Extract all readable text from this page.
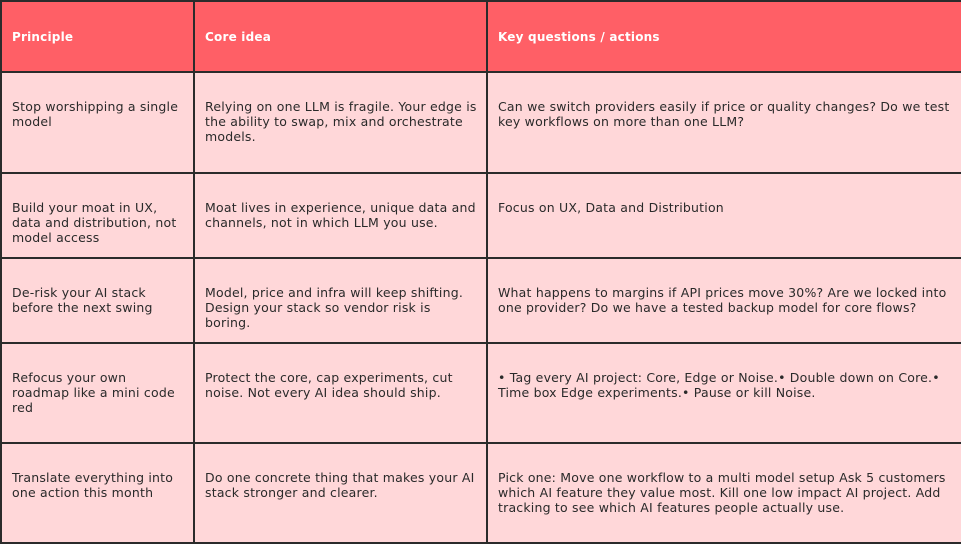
Principle	Core idea	Key questions / actions
Stop worshipping a single model	Relying on one LLM is fragile. Your edge is the ability to swap, mix and orchestrate models.	Can we switch providers easily if price or quality changes? Do we test key workflows on more than one LLM?
Build your moat in UX, data and distribution, not model access	Moat lives in experience, unique data and channels, not in which LLM you use.	Focus on UX, Data and Distribution
De-risk your AI stack before the next swing	Model, price and infra will keep shifting. Design your stack so vendor risk is boring.	What happens to margins if API prices move 30%? Are we locked into one provider? Do we have a tested backup model for core flows?
Refocus your own roadmap like a mini code red	Protect the core, cap experiments, cut noise. Not every AI idea should ship.	• Tag every AI project: Core, Edge or Noise.• Double down on Core.• Time box Edge experiments.• Pause or kill Noise.
Translate everything into one action this month	Do one concrete thing that makes your AI stack stronger and clearer.	Pick one: Move one workflow to a multi model setup Ask 5 customers which AI feature they value most. Kill one low impact AI project. Add tracking to see which AI features people actually use.
